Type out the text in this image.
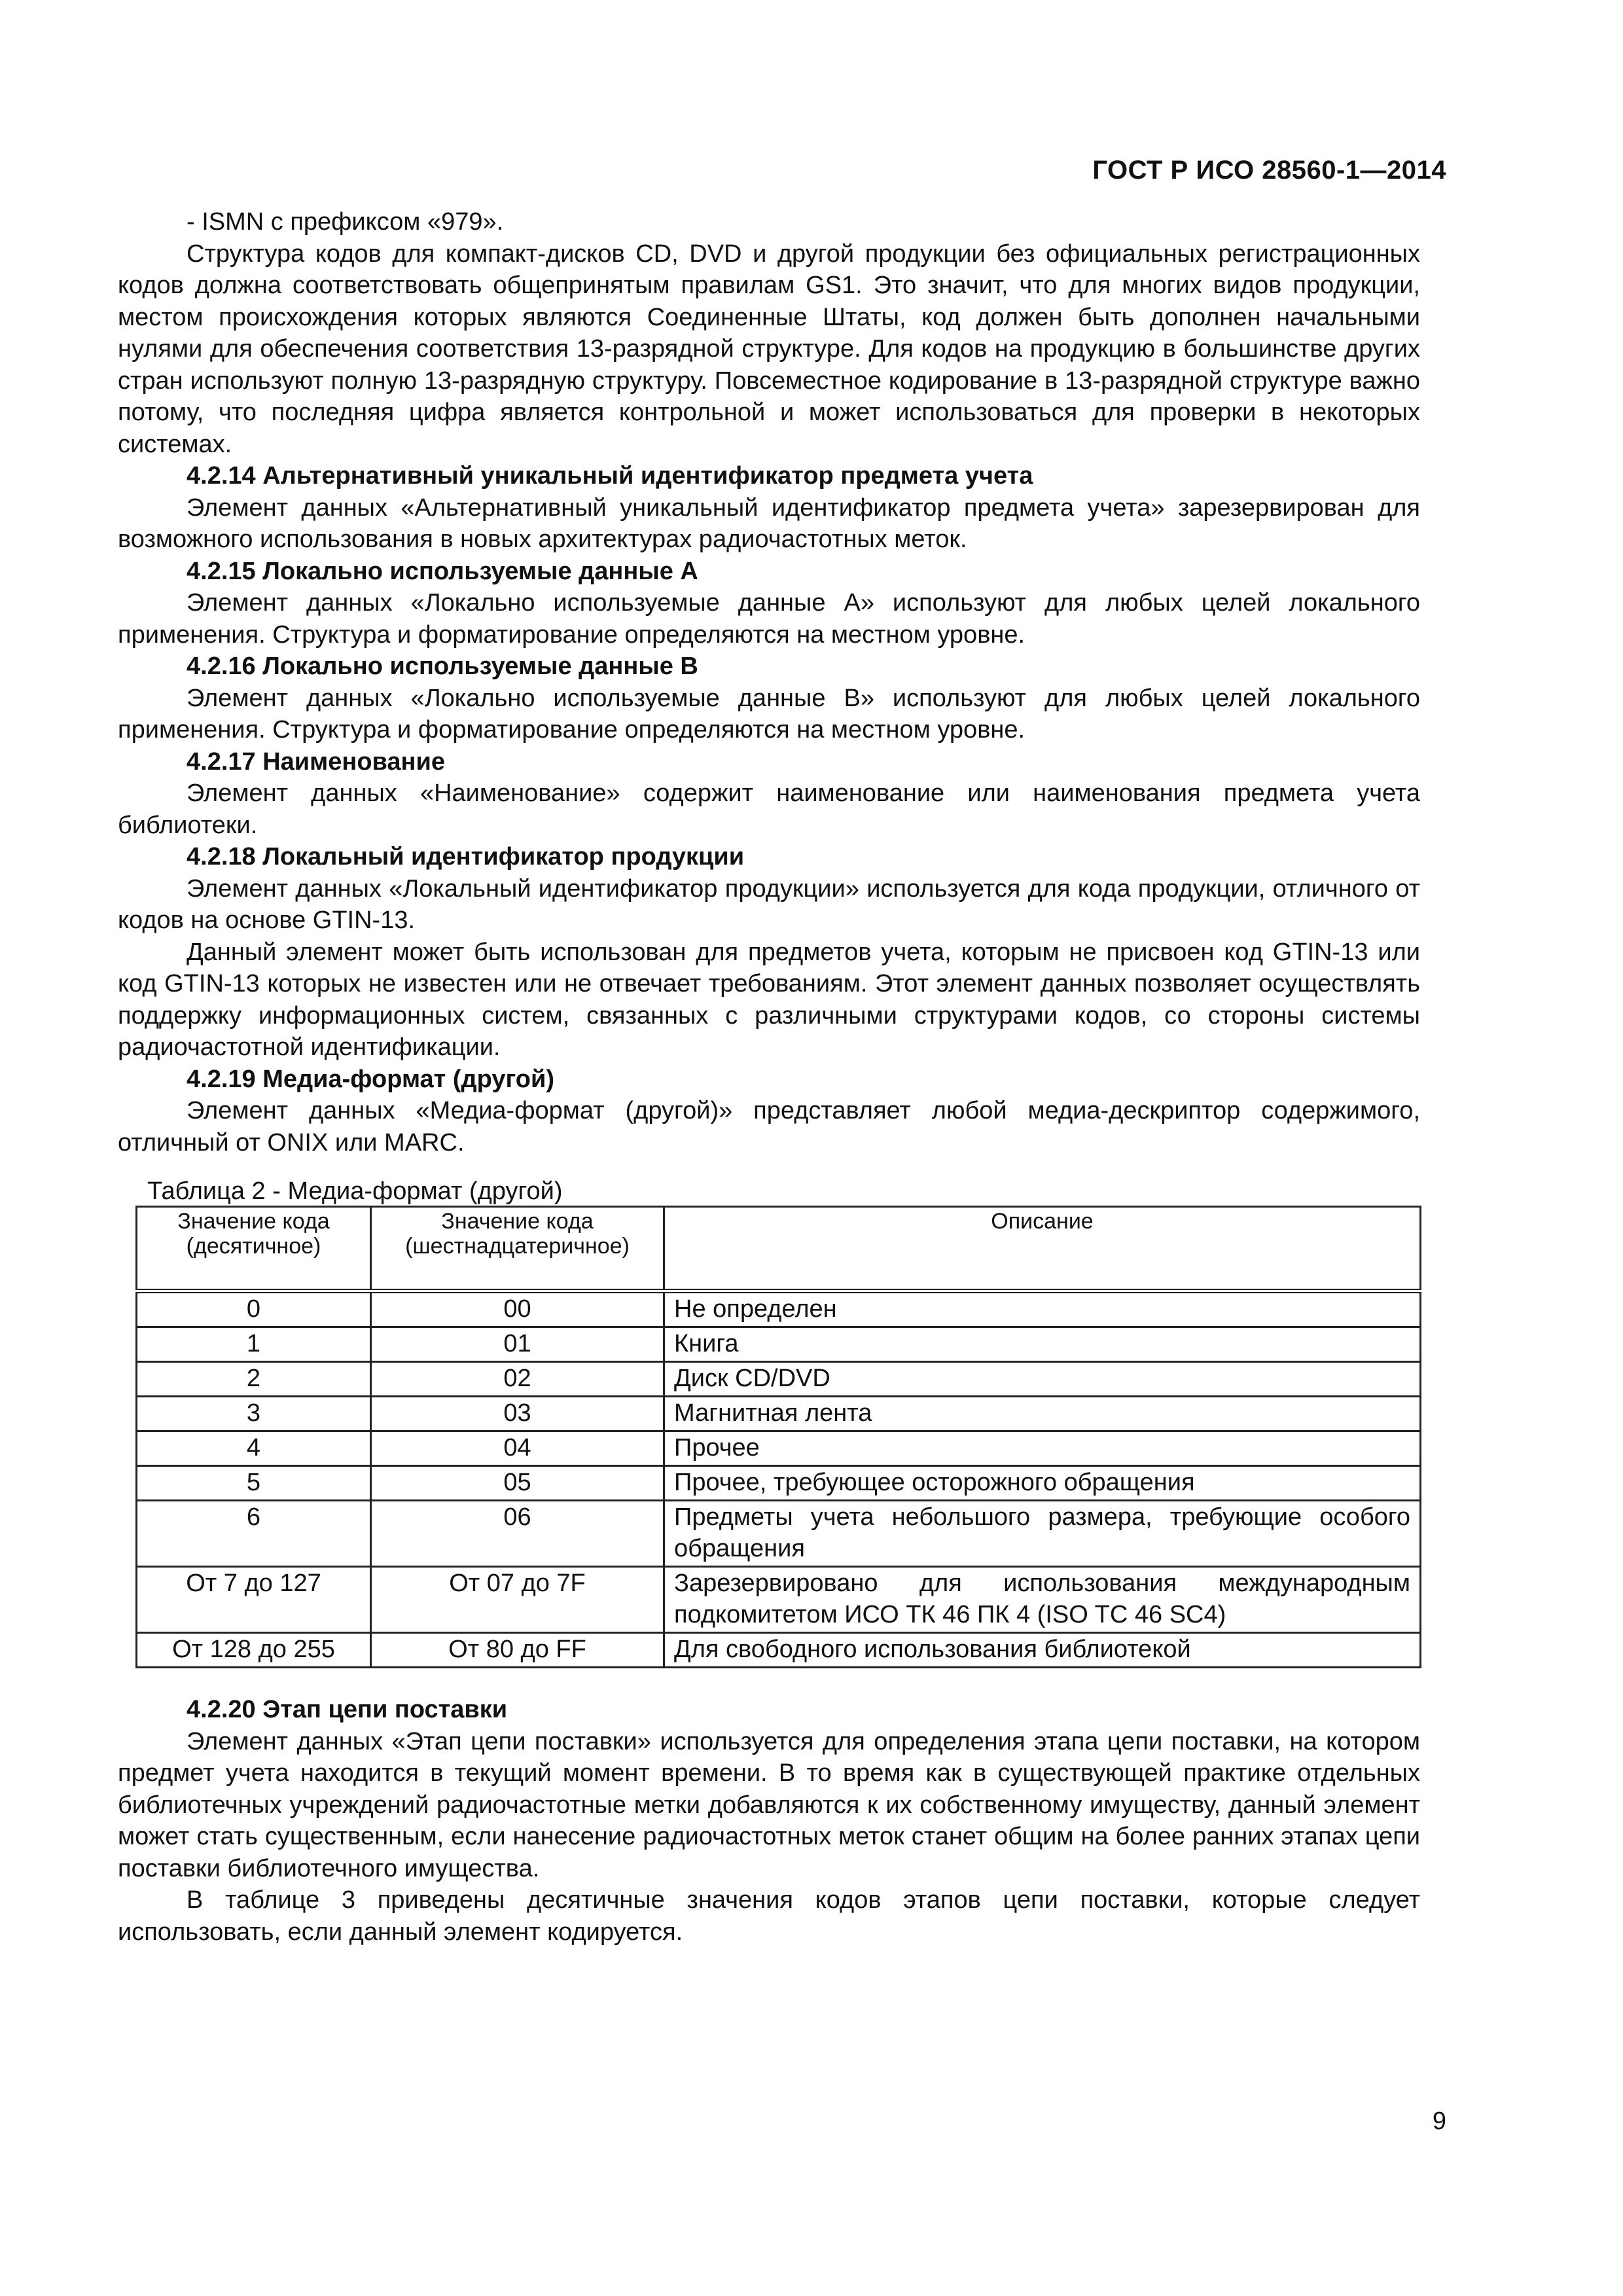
ГОСТ Р ИСО 28560-1—2014

- ISMN с префиксом «979».

Структура кодов для компакт-дисков CD, DVD и другой продукции без официальных регистрационных кодов должна соответствовать общепринятым правилам GS1. Это значит, что для многих видов продукции, местом происхождения которых являются Соединенные Штаты, код должен быть дополнен начальными нулями для обеспечения соответствия 13-разрядной структуре. Для кодов на продукцию в большинстве других стран используют полную 13-разрядную структуру. Повсеместное кодирование в 13-разрядной структуре важно потому, что последняя цифра является контрольной и может использоваться для проверки в некоторых системах.

4.2.14 Альтернативный уникальный идентификатор предмета учета

Элемент данных «Альтернативный уникальный идентификатор предмета учета» зарезервирован для возможного использования в новых архитектурах радиочастотных меток.

4.2.15 Локально используемые данные А

Элемент данных «Локально используемые данные А» используют для любых целей локального применения. Структура и форматирование определяются на местном уровне.

4.2.16 Локально используемые данные В

Элемент данных «Локально используемые данные В» используют для любых целей локального применения. Структура и форматирование определяются на местном уровне.

4.2.17 Наименование

Элемент данных «Наименование» содержит наименование или наименования предмета учета библиотеки.

4.2.18 Локальный идентификатор продукции

Элемент данных «Локальный идентификатор продукции» используется для кода продукции, отличного от кодов на основе GTIN-13.

Данный элемент может быть использован для предметов учета, которым не присвоен код GTIN-13 или код GTIN-13 которых не известен или не отвечает требованиям. Этот элемент данных позволяет осуществлять поддержку информационных систем, связанных с различными структурами кодов, со стороны системы радиочастотной идентификации.

4.2.19 Медиа-формат (другой)

Элемент данных «Медиа-формат (другой)» представляет любой медиа-дескриптор содержимого, отличный от ONIX или MARC.

Таблица 2 - Медиа-формат (другой)
Значение кода (десятичное)	Значение кода (шестнадцатеричное)	Описание
0	00	Не определен
1	01	Книга
2	02	Диск CD/DVD
3	03	Магнитная лента
4	04	Прочее
5	05	Прочее, требующее осторожного обращения
6	06	Предметы учета небольшого размера, требующие особого обращения
От 7 до 127	От 07 до 7F	Зарезервировано для использования международным подкомитетом ИСО ТК 46 ПК 4 (ISO TC 46 SC4)
От 128 до 255	От 80 до FF	Для свободного использования библиотекой

4.2.20 Этап цепи поставки

Элемент данных «Этап цепи поставки» используется для определения этапа цепи поставки, на котором предмет учета находится в текущий момент времени. В то время как в существующей практике отдельных библиотечных учреждений радиочастотные метки добавляются к их собственному имуществу, данный элемент может стать существенным, если нанесение радиочастотных меток станет общим на более ранних этапах цепи поставки библиотечного имущества.

В таблице 3 приведены десятичные значения кодов этапов цепи поставки, которые следует использовать, если данный элемент кодируется.

9
